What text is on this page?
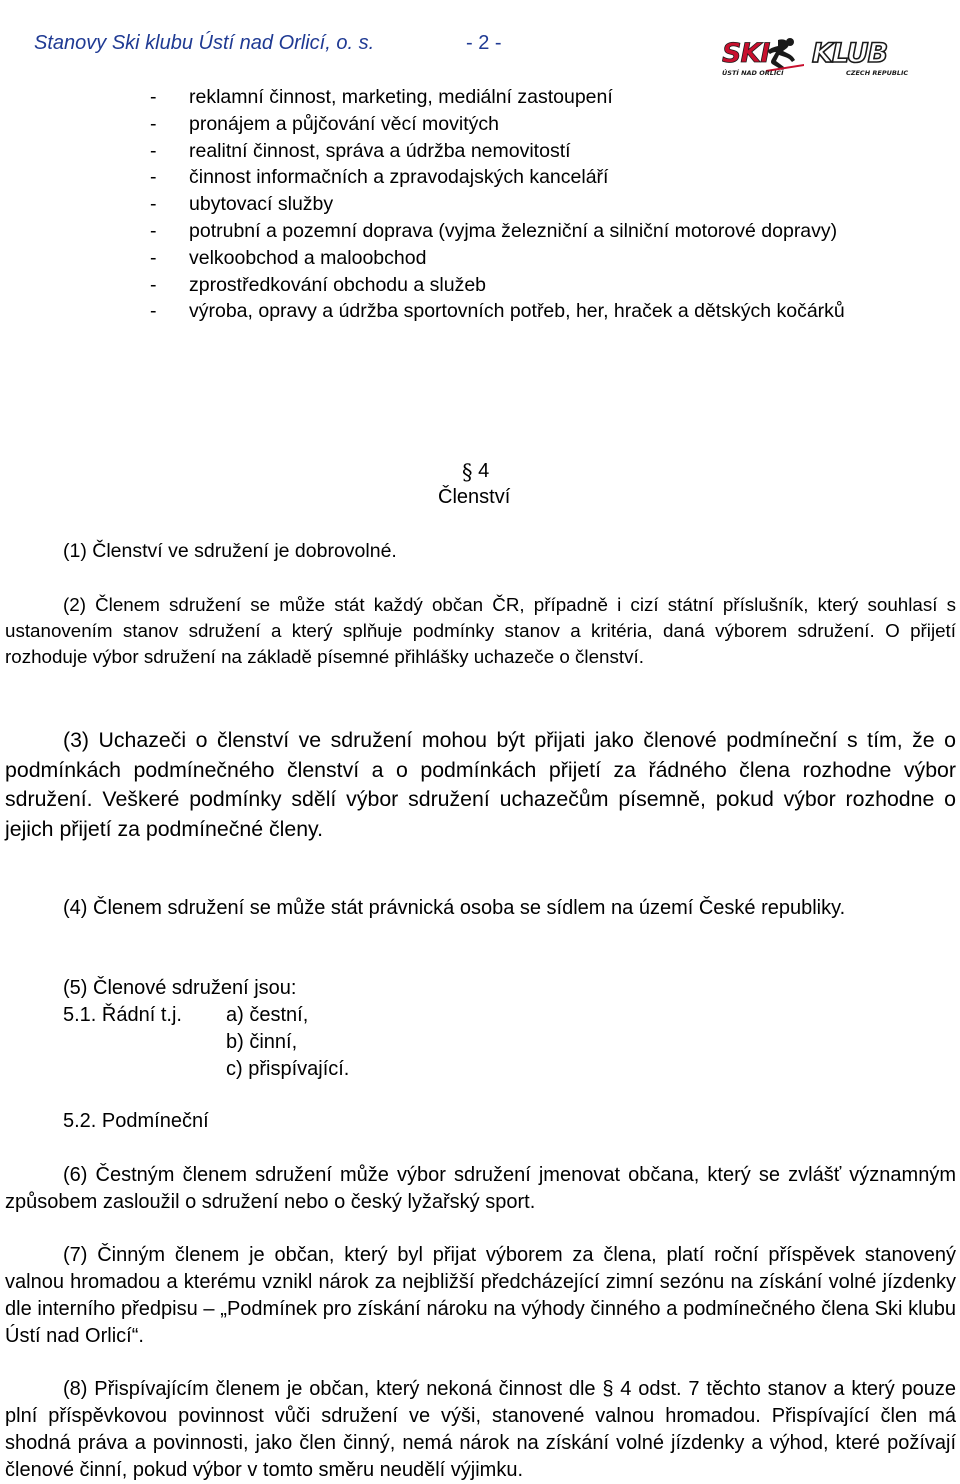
Stanovy Ski klubu Ústí nad Orlicí, o. s.	- 2 -	SKI KLUB
ÚSTÍ NAD ORLICÍ	CZECH REPUBLIC
- reklamní činnost, marketing, mediální zastoupení
- pronájem a půjčování věcí movitých
- realitní činnost, správa a údržba nemovitostí
- činnost informačních a zpravodajských kanceláří
- ubytovací služby
- potrubní a pozemní doprava (vyjma železniční a silniční motorové dopravy)
- velkoobchod a maloobchod
- zprostředkování obchodu a služeb
- výroba, opravy a údržba sportovních potřeb, her, hraček a dětských kočárků
§ 4
Členství

(1) Členství ve sdružení je dobrovolné.

(2) Členem sdružení se může stát každý občan ČR, případně i cizí státní příslušník, který souhlasí s ustanovením stanov sdružení a který splňuje podmínky stanov a kritéria, daná výborem sdružení. O přijetí rozhoduje výbor sdružení na základě písemné přihlášky uchazeče o členství.

(3) Uchazeči o členství ve sdružení mohou být přijati jako členové podmíneční s tím, že o podmínkách podmínečného členství a o podmínkách přijetí za řádného člena rozhodne výbor sdružení. Veškeré podmínky sdělí výbor sdružení uchazečům písemně, pokud výbor rozhodne o jejich přijetí za podmínečné členy.

(4) Členem sdružení se může stát právnická osoba se sídlem na území České republiky.

(5) Členové sdružení jsou:
5.1. Řádní t.j. a) čestní,
b) činní,
c) přispívající.
5.2. Podmíneční

(6) Čestným členem sdružení může výbor sdružení jmenovat občana, který se zvlášť významným způsobem zasloužil o sdružení nebo o český lyžařský sport.

(7) Činným členem je občan, který byl přijat výborem za člena, platí roční příspěvek stanovený valnou hromadou a kterému vznikl nárok za nejbližší předcházející zimní sezónu na získání volné jízdenky dle interního předpisu – „Podmínek pro získání nároku na výhody činného a podmínečného člena Ski klubu Ústí nad Orlicí“.

(8) Přispívajícím členem je občan, který nekoná činnost dle § 4 odst. 7 těchto stanov a který pouze plní příspěvkovou povinnost vůči sdružení ve výši, stanovené valnou hromadou. Přispívající člen má shodná práva a povinnosti, jako člen činný, nemá nárok na získání volné jízdenky a výhod, které požívají členové činní, pokud výbor v tomto směru neudělí výjimku.
